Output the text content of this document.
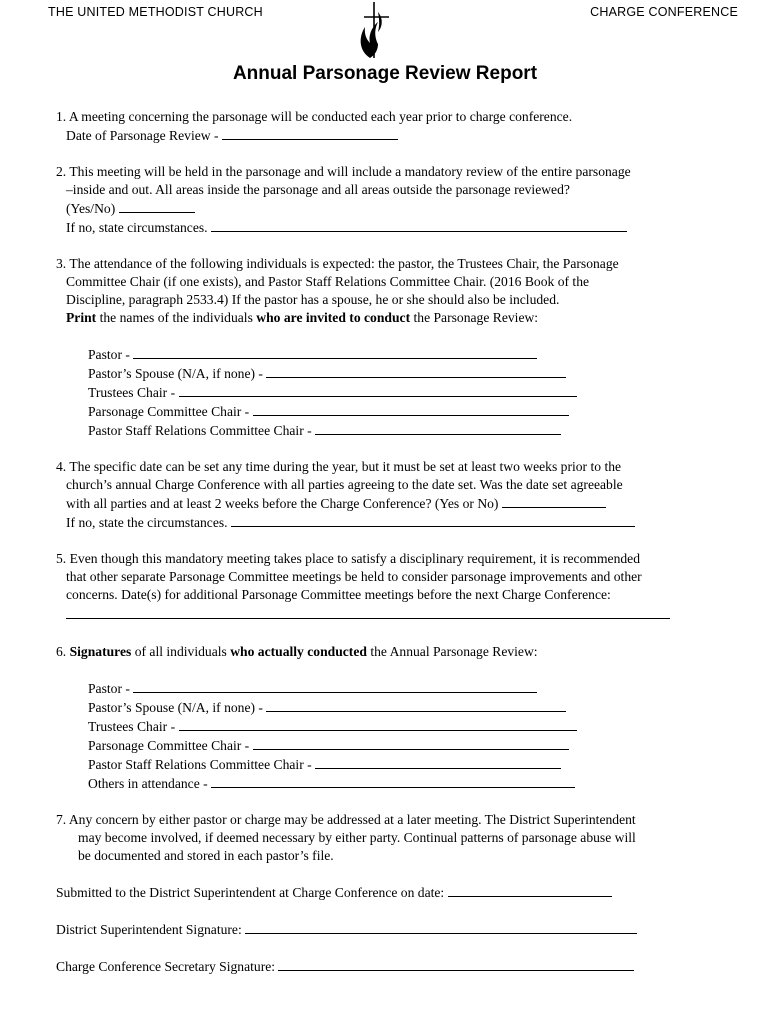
THE UNITED METHODIST CHURCH	CHARGE CONFERENCE
Annual Parsonage Review Report

1. A meeting concerning the parsonage will be conducted each year prior to charge conference.

Date of Parsonage Review -

2. This meeting will be held in the parsonage and will include a mandatory review of the entire parsonage

–inside and out. All areas inside the parsonage and all areas outside the parsonage reviewed?

(Yes/No)

If no, state circumstances.

3. The attendance of the following individuals is expected: the pastor, the Trustees Chair, the Parsonage

Committee Chair (if one exists), and Pastor Staff Relations Committee Chair. (2016 Book of the

Discipline, paragraph 2533.4) If the pastor has a spouse, he or she should also be included.

Print the names of the individuals who are invited to conduct the Parsonage Review:

Pastor -

Pastor’s Spouse (N/A, if none) -

Trustees Chair -

Parsonage Committee Chair -

Pastor Staff Relations Committee Chair -

4. The specific date can be set any time during the year, but it must be set at least two weeks prior to the

church’s annual Charge Conference with all parties agreeing to the date set. Was the date set agreeable

with all parties and at least 2 weeks before the Charge Conference? (Yes or No)

If no, state the circumstances.

5. Even though this mandatory meeting takes place to satisfy a disciplinary requirement, it is recommended

that other separate Parsonage Committee meetings be held to consider parsonage improvements and other

concerns. Date(s) for additional Parsonage Committee meetings before the next Charge Conference:

6. Signatures of all individuals who actually conducted the Annual Parsonage Review:

Pastor -

Pastor’s Spouse (N/A, if none) -

Trustees Chair -

Parsonage Committee Chair -

Pastor Staff Relations Committee Chair -

Others in attendance -

7. Any concern by either pastor or charge may be addressed at a later meeting. The District Superintendent

may become involved, if deemed necessary by either party. Continual patterns of parsonage abuse will

be documented and stored in each pastor’s file.

Submitted to the District Superintendent at Charge Conference on date:

District Superintendent Signature:

Charge Conference Secretary Signature:
